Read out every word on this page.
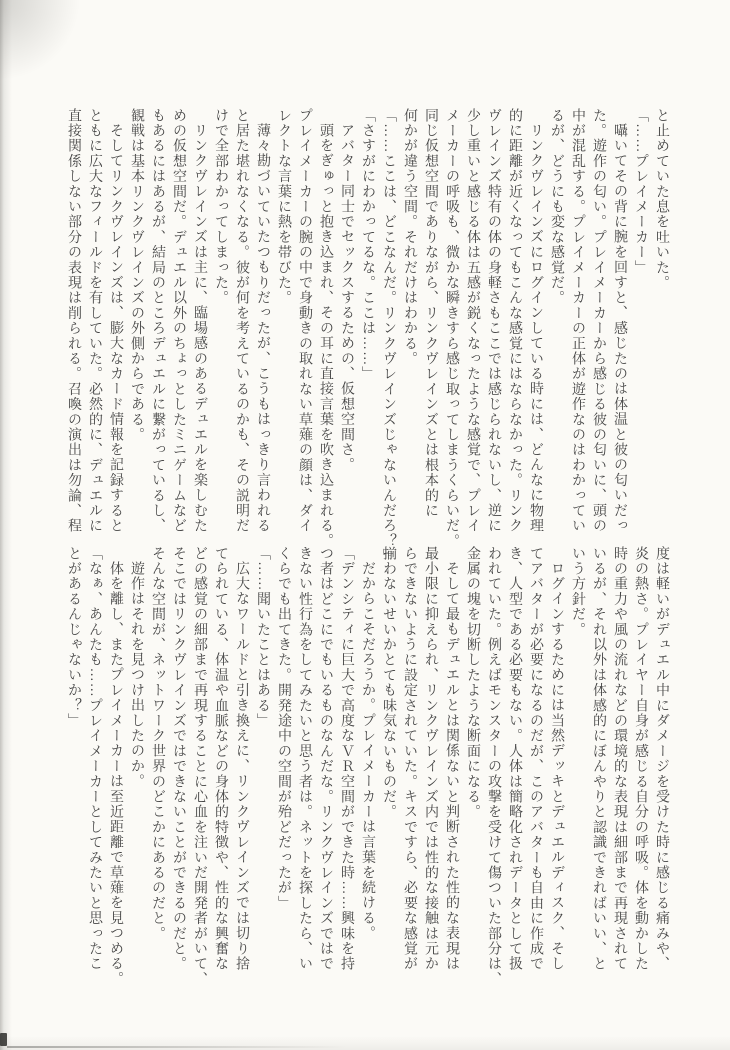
と止めていた息を吐いた。
「……プレイメーカー」
囁いてその背に腕を回すと、感じたのは体温と彼の匂いだっ
た。遊作の匂い。プレイメーカーから感じる彼の匂いに、頭の
中が混乱する。プレイメーカーの正体が遊作なのはわかってい
るが、どうにも変な感覚だ。
リンクヴレインズにログインしている時には、どんなに物理
的に距離が近くなってもこんな感覚にはならなかった。リンク
ヴレインズ特有の体の身軽さもここでは感じられないし、逆に
少し重いと感じる体は五感が鋭くなったような感覚で、プレイ
メーカーの呼吸も、微かな瞬きすら感じ取ってしまうくらいだ。
同じ仮想空間でありながら、リンクヴレインズとは根本的に
何かが違う空間。それだけはわかる。
「……ここは、どこなんだ。リンクヴレインズじゃないんだろ？」
「さすがにわかってるな。ここは……」
アバター同士でセックスするための、仮想空間さ。
頭をぎゅっと抱き込まれ、その耳に直接言葉を吹き込まれる。
プレイメーカーの腕の中で身動きの取れない草薙の顔は、ダイ
レクトな言葉に熱を帯びた。
薄々勘づいていたつもりだったが、こうもはっきり言われる
と居た堪れなくなる。彼が何を考えているのかも、その説明だ
けで全部わかってしまった。
リンクヴレインズは主に、臨場感のあるデュエルを楽しむた
めの仮想空間だ。デュエル以外のちょっとしたミニゲームなど
もあるにはあるが、結局のところデュエルに繋がっているし、
観戦は基本リンクヴレインズの外側からである。
そしてリンクヴレインズは、膨大なカード情報を記録すると
ともに広大なフィールドを有していた。必然的に、デュエルに
直接関係しない部分の表現は削られる。召喚の演出は勿論、程
度は軽いがデュエル中にダメージを受けた時に感じる痛みや、
炎の熱さ。プレイヤー自身が感じる自分の呼吸。体を動かした
時の重力や風の流れなどの環境的な表現は細部まで再現されて
いるが、それ以外は体感的にぼんやりと認識できればいい、と
いう方針だ。
ログインするためには当然デッキとデュエルディスク、そし
てアバターが必要になるのだが、このアバターも自由に作成で
き、人型である必要もない。人体は簡略化されデータとして扱
われていた。例えばモンスターの攻撃を受けて傷ついた部分は、
金属の塊を切断したような断面になる。
そして最もデュエルとは関係ないと判断された性的な表現は
最小限に抑えられ、リンクヴレインズ内では性的な接触は元か
らできないように設定されていた。キスですら、必要な感覚が
揃わないせいかとても味気ないものだ。
だからこそだろうか。プレイメーカーは言葉を続ける。
「デンシティに巨大で高度なＶＲ空間ができた時……興味を持
つ者はどこにでもいるものなんだな。リンクヴレインズではで
きない性行為をしてみたいと思う者は。ネットを探したら、い
くらでも出てきた。開発途中の空間が殆どだったが」
「……聞いたことはある」
広大なワールドと引き換えに、リンクヴレインズでは切り捨
てられている、体温や血脈などの身体的特徴や、性的な興奮な
どの感覚の細部まで再現することに心血を注いだ開発者がいて、
そこではリンクヴレインズではできないことができるのだと。
そんな空間が、ネットワーク世界のどこかにあるのだと。
遊作はそれを見つけ出したのか。
体を離し、またプレイメーカーは至近距離で草薙を見つめる。
「なぁ、あんたも……プレイメーカーとしてみたいと思ったこ
とがあるんじゃないか？」
